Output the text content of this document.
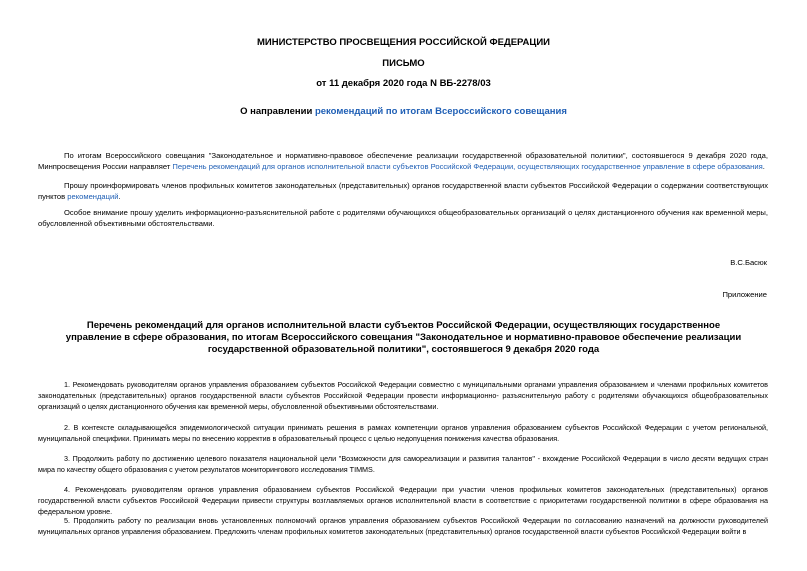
МИНИСТЕРСТВО ПРОСВЕЩЕНИЯ РОССИЙСКОЙ ФЕДЕРАЦИИ
ПИСЬМО
от 11 декабря 2020 года N ВБ-2278/03
О направлении рекомендаций по итогам Всероссийского совещания
По итогам Всероссийского совещания "Законодательное и нормативно-правовое обеспечение реализации государственной образовательной политики", состоявшегося 9 декабря 2020 года, Минпросвещения России направляет Перечень рекомендаций для органов исполнительной власти субъектов Российской Федерации, осуществляющих государственное управление в сфере образования.
Прошу проинформировать членов профильных комитетов законодательных (представительных) органов государственной власти субъектов Российской Федерации о содержании соответствующих пунктов рекомендаций.
Особое внимание прошу уделить информационно-разъяснительной работе с родителями обучающихся общеобразовательных организаций о целях дистанционного обучения как временной меры, обусловленной объективными обстоятельствами.
В.С.Басюк
Приложение
Перечень рекомендаций для органов исполнительной власти субъектов Российской Федерации, осуществляющих государственное управление в сфере образования, по итогам Всероссийского совещания "Законодательное и нормативно-правовое обеспечение реализации государственной образовательной политики", состоявшегося 9 декабря 2020 года
1. Рекомендовать руководителям органов управления образованием субъектов Российской Федерации совместно с муниципальными органами управления образованием и членами профильных комитетов законодательных (представительных) органов государственной власти субъектов Российской Федерации провести информационно- разъяснительную работу с родителями обучающихся общеобразовательных организаций о целях дистанционного обучения как временной меры, обусловленной объективными обстоятельствами.
2. В контексте складывающейся эпидемиологической ситуации принимать решения в рамках компетенции органов управления образованием субъектов Российской Федерации с учетом региональной, муниципальной специфики. Принимать меры по внесению корректив в образовательный процесс с целью недопущения понижения качества образования.
3. Продолжить работу по достижению целевого показателя национальной цели "Возможности для самореализации и развития талантов" - вхождение Российской Федерации в число десяти ведущих стран мира по качеству общего образования с учетом результатов мониторингового исследования TIMMS.
4. Рекомендовать руководителям органов управления образованием субъектов Российской Федерации при участии членов профильных комитетов законодательных (представительных) органов государственной власти субъектов Российской Федерации привести структуры возглавляемых органов исполнительной власти в соответствие с приоритетами государственной политики в сфере образования на федеральном уровне.
5. Продолжить работу по реализации вновь установленных полномочий органов управления образованием субъектов Российской Федерации по согласованию назначений на должности руководителей муниципальных органов управления образованием. Предложить членам профильных комитетов законодательных (представительных) органов государственной власти субъектов Российской Федерации войти в
